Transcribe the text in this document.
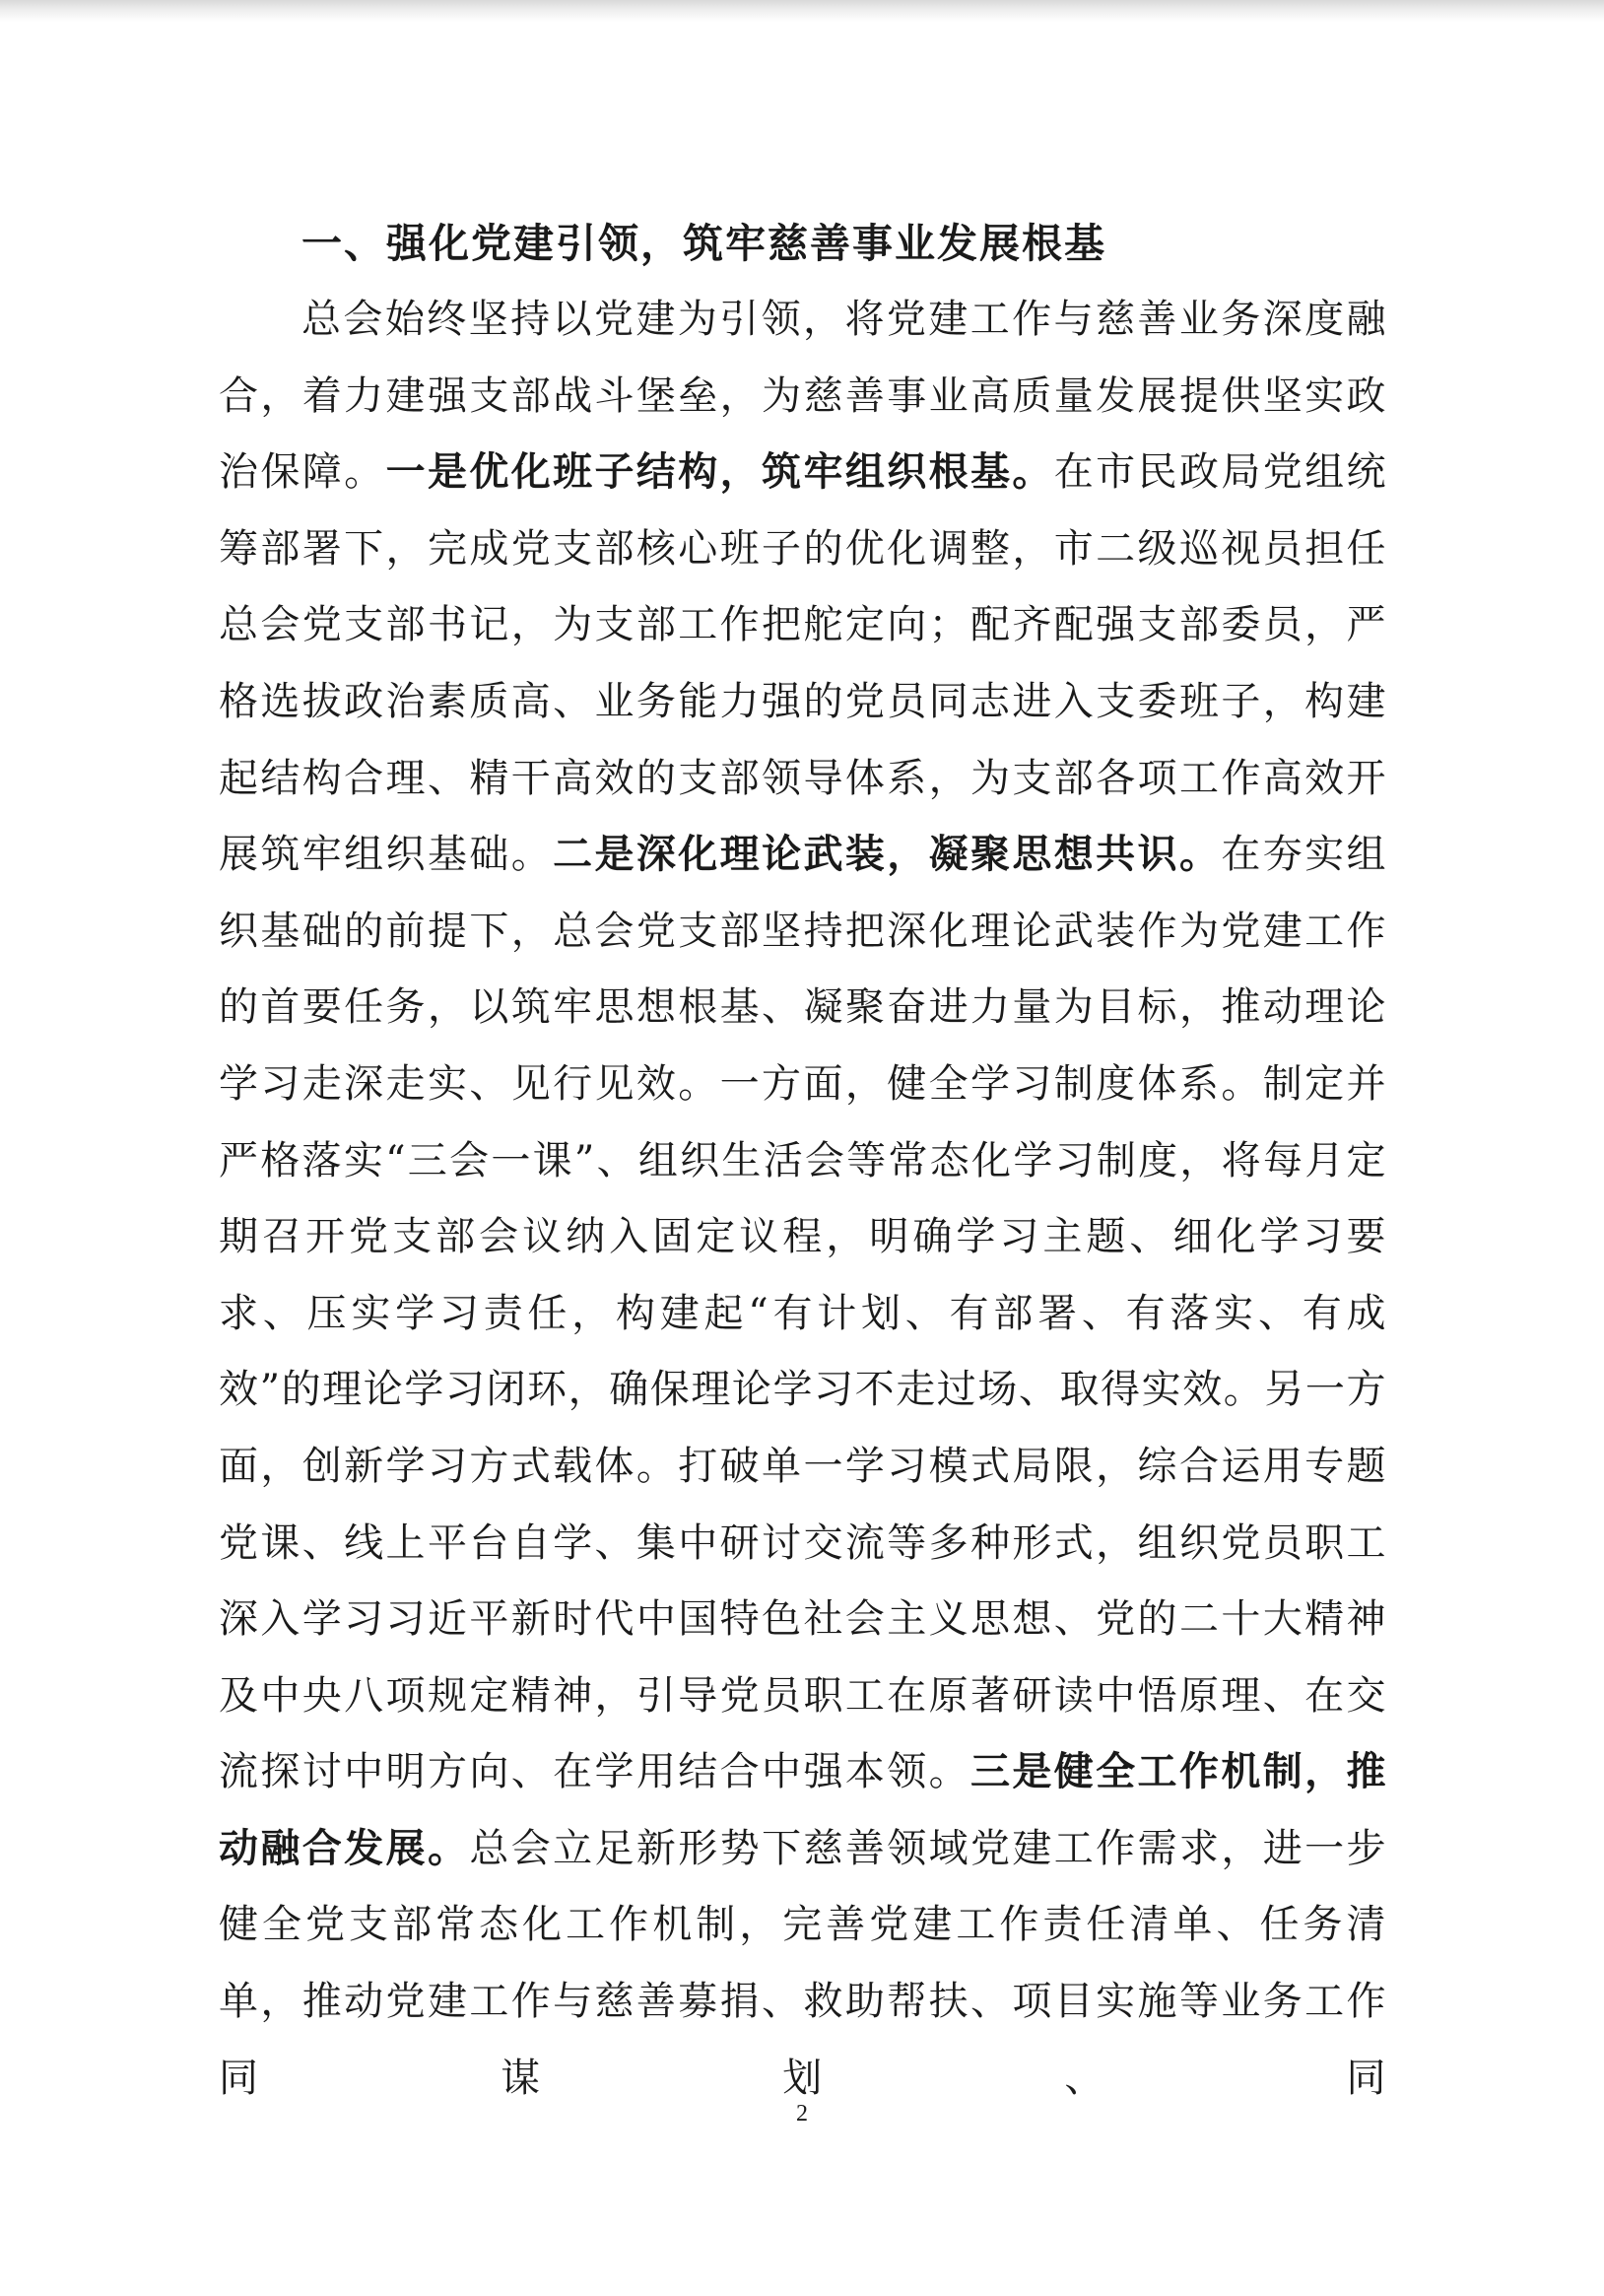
一、强化党建引领，筑牢慈善事业发展根基

总会始终坚持以党建为引领，将党建工作与慈善业务深度融合，着力建强支部战斗堡垒，为慈善事业高质量发展提供坚实政治保障。一是优化班子结构，筑牢组织根基。在市民政局党组统筹部署下，完成党支部核心班子的优化调整，市二级巡视员担任总会党支部书记，为支部工作把舵定向；配齐配强支部委员，严格选拔政治素质高、业务能力强的党员同志进入支委班子，构建起结构合理、精干高效的支部领导体系，为支部各项工作高效开展筑牢组织基础。二是深化理论武装，凝聚思想共识。在夯实组织基础的前提下，总会党支部坚持把深化理论武装作为党建工作的首要任务，以筑牢思想根基、凝聚奋进力量为目标，推动理论学习走深走实、见行见效。一方面，健全学习制度体系。制定并严格落实“三会一课”、组织生活会等常态化学习制度，将每月定期召开党支部会议纳入固定议程，明确学习主题、细化学习要求、压实学习责任，构建起“有计划、有部署、有落实、有成效”的理论学习闭环，确保理论学习不走过场、取得实效。另一方面，创新学习方式载体。打破单一学习模式局限，综合运用专题党课、线上平台自学、集中研讨交流等多种形式，组织党员职工深入学习习近平新时代中国特色社会主义思想、党的二十大精神及中央八项规定精神，引导党员职工在原著研读中悟原理、在交流探讨中明方向、在学用结合中强本领。三是健全工作机制，推动融合发展。总会立足新形势下慈善领域党建工作需求，进一步健全党支部常态化工作机制，完善党建工作责任清单、任务清单，推动党建工作与慈善募捐、救助帮扶、项目实施等业务工作同谋划、同

2
